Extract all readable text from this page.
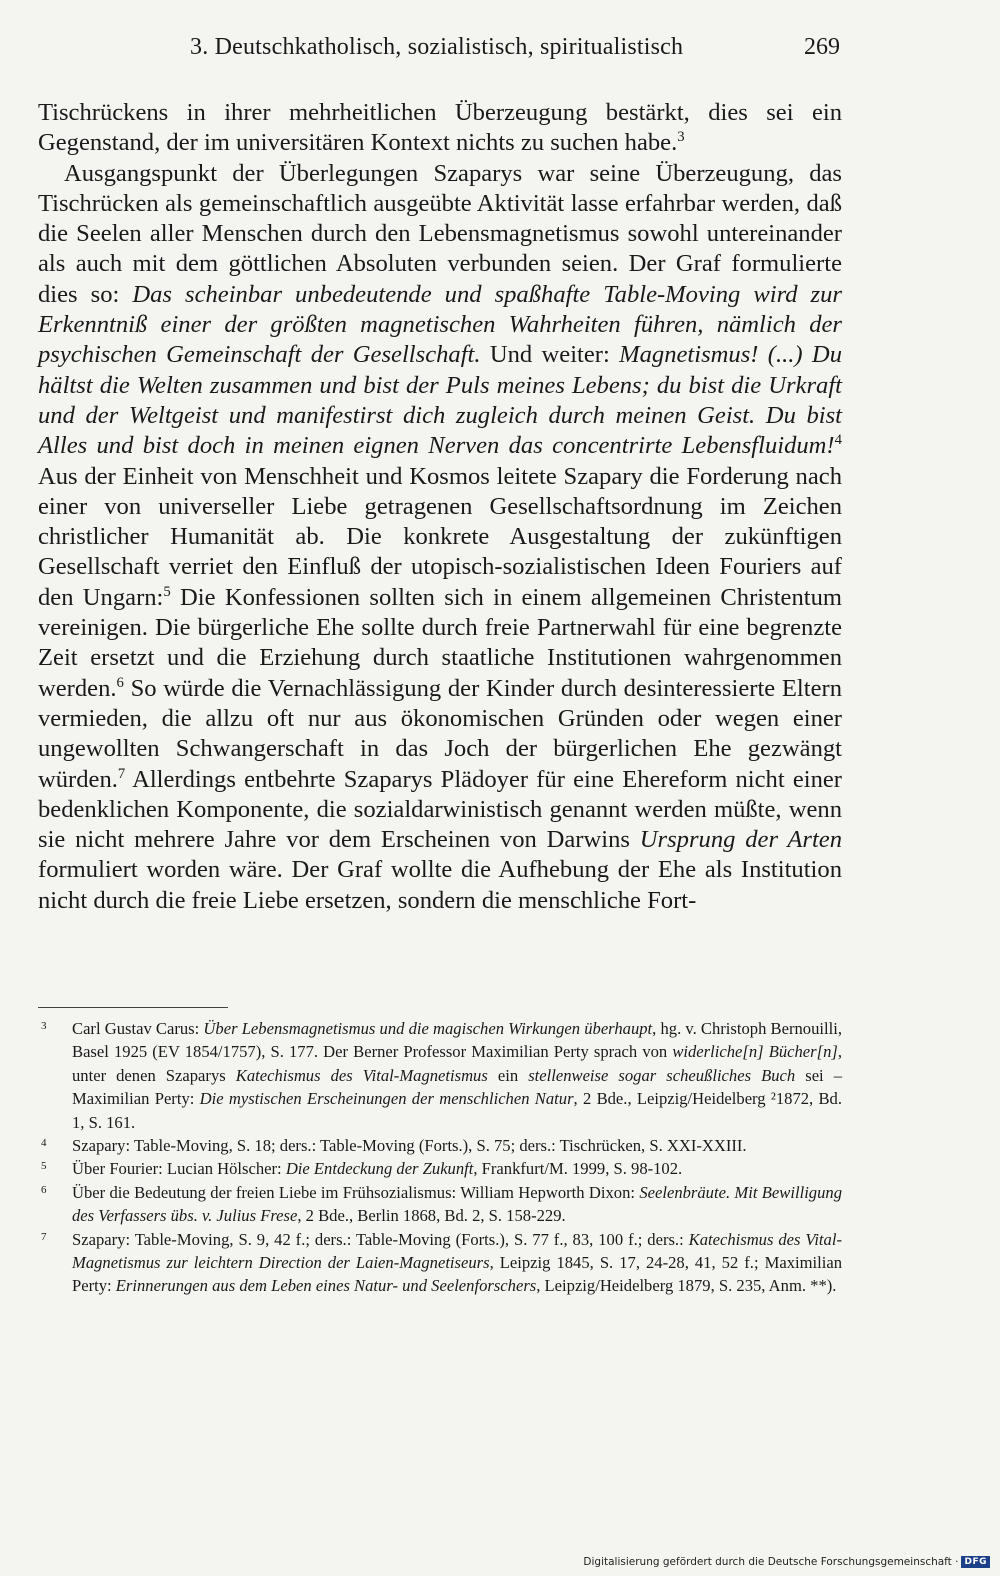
3. Deutschkatholisch, sozialistisch, spiritualistisch	269

Tischrückens in ihrer mehrheitlichen Überzeugung bestärkt, dies sei ein Gegenstand, der im universitären Kontext nichts zu suchen habe.$^3$

Ausgangspunkt der Überlegungen Szaparys war seine Überzeugung, das Tischrücken als gemeinschaftlich ausgeübte Aktivität lasse erfahrbar werden, daß die Seelen aller Menschen durch den Lebensmagnetismus sowohl untereinander als auch mit dem göttlichen Absoluten verbunden seien. Der Graf formulierte dies so: Das scheinbar unbedeutende und spaßhafte Table-Moving wird zur Erkenntniß einer der größten magnetischen Wahrheiten führen, nämlich der psychischen Gemeinschaft der Gesellschaft. Und weiter: Magnetismus! (...) Du hältst die Welten zusammen und bist der Puls meines Lebens; du bist die Urkraft und der Weltgeist und manifestirst dich zugleich durch meinen Geist. Du bist Alles und bist doch in meinen eignen Nerven das concentrirte Lebensfluidum!$^4$ Aus der Einheit von Menschheit und Kosmos leitete Szapary die Forderung nach einer von universeller Liebe getragenen Gesellschaftsordnung im Zeichen christlicher Humanität ab. Die konkrete Ausgestaltung der zukünftigen Gesellschaft verriet den Einfluß der utopisch-sozialistischen Ideen Fouriers auf den Ungarn:$^5$ Die Konfessionen sollten sich in einem allgemeinen Christentum vereinigen. Die bürgerliche Ehe sollte durch freie Partnerwahl für eine begrenzte Zeit ersetzt und die Erziehung durch staatliche Institutionen wahrgenommen werden.$^6$ So würde die Vernachlässigung der Kinder durch desinteressierte Eltern vermieden, die allzu oft nur aus ökonomischen Gründen oder wegen einer ungewollten Schwangerschaft in das Joch der bürgerlichen Ehe gezwängt würden.$^7$ Allerdings entbehrte Szaparys Plädoyer für eine Ehereform nicht einer bedenklichen Komponente, die sozialdarwinistisch genannt werden müßte, wenn sie nicht mehrere Jahre vor dem Erscheinen von Darwins Ursprung der Arten formuliert worden wäre. Der Graf wollte die Aufhebung der Ehe als Institution nicht durch die freie Liebe ersetzen, sondern die menschliche Fort-

3 Carl Gustav Carus: Über Lebensmagnetismus und die magischen Wirkungen überhaupt, hg. v. Christoph Bernouilli, Basel 1925 (EV 1854/1757), S. 177. Der Berner Professor Maximilian Perty sprach von widerliche[n] Bücher[n], unter denen Szaparys Katechismus des Vital-Magnetismus ein stellenweise sogar scheußliches Buch sei – Maximilian Perty: Die mystischen Erscheinungen der menschlichen Natur, 2 Bde., Leipzig/Heidelberg ²1872, Bd. 1, S. 161.

4 Szapary: Table-Moving, S. 18; ders.: Table-Moving (Forts.), S. 75; ders.: Tischrücken, S. XXI-XXIII.

5 Über Fourier: Lucian Hölscher: Die Entdeckung der Zukunft, Frankfurt/M. 1999, S. 98-102.

6 Über die Bedeutung der freien Liebe im Frühsozialismus: William Hepworth Dixon: Seelenbräute. Mit Bewilligung des Verfassers übs. v. Julius Frese, 2 Bde., Berlin 1868, Bd. 2, S. 158-229.

7 Szapary: Table-Moving, S. 9, 42 f.; ders.: Table-Moving (Forts.), S. 77 f., 83, 100 f.; ders.: Katechismus des Vital-Magnetismus zur leichtern Direction der Laien-Magnetiseurs, Leipzig 1845, S. 17, 24-28, 41, 52 f.; Maximilian Perty: Erinnerungen aus dem Leben eines Natur- und Seelenforschers, Leipzig/Heidelberg 1879, S. 235, Anm. **).

Digitalisierung gefördert durch die Deutsche Forschungsgemeinschaft · DFG
